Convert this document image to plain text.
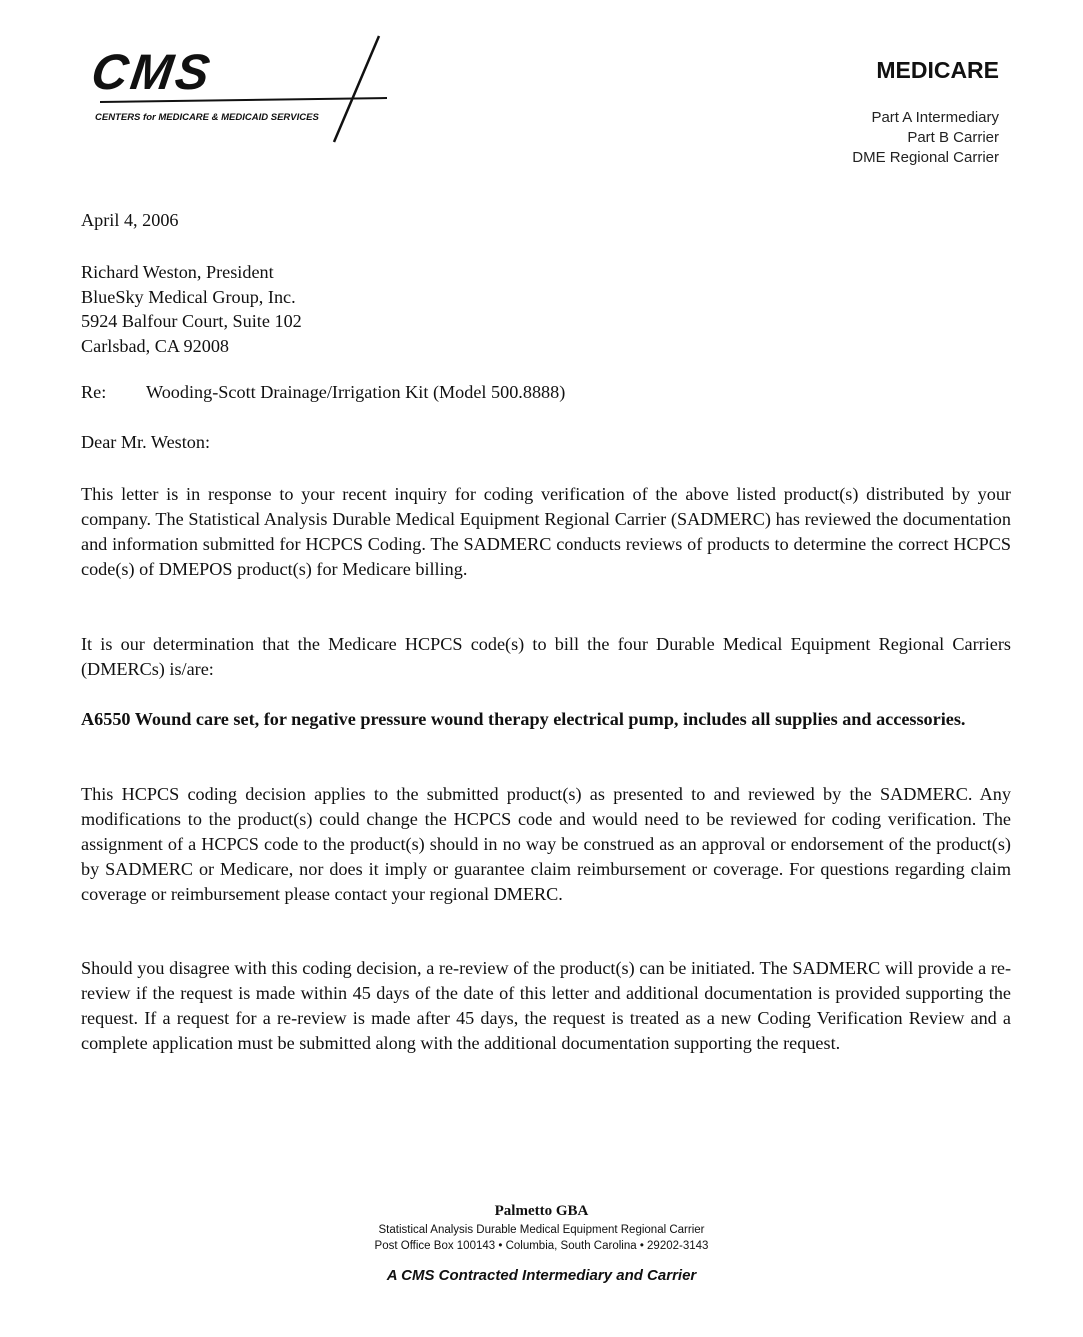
CMS
CENTERS for MEDICARE & MEDICAID SERVICES
MEDICARE
Part A Intermediary
Part B Carrier
DME Regional Carrier
April 4, 2006
Richard Weston, President
BlueSky Medical Group, Inc.
5924 Balfour Court, Suite 102
Carlsbad, CA 92008
Re: Wooding-Scott Drainage/Irrigation Kit (Model 500.8888)
Dear Mr. Weston:

This letter is in response to your recent inquiry for coding verification of the above listed product(s) distributed by your company. The Statistical Analysis Durable Medical Equipment Regional Carrier (SADMERC) has reviewed the documentation and information submitted for HCPCS Coding. The SADMERC conducts reviews of products to determine the correct HCPCS code(s) of DMEPOS product(s) for Medicare billing.

It is our determination that the Medicare HCPCS code(s) to bill the four Durable Medical Equipment Regional Carriers (DMERCs) is/are:

A6550 Wound care set, for negative pressure wound therapy electrical pump, includes all supplies and accessories.

This HCPCS coding decision applies to the submitted product(s) as presented to and reviewed by the SADMERC. Any modifications to the product(s) could change the HCPCS code and would need to be reviewed for coding verification. The assignment of a HCPCS code to the product(s) should in no way be construed as an approval or endorsement of the product(s) by SADMERC or Medicare, nor does it imply or guarantee claim reimbursement or coverage. For questions regarding claim coverage or reimbursement please contact your regional DMERC.

Should you disagree with this coding decision, a re-review of the product(s) can be initiated. The SADMERC will provide a re-review if the request is made within 45 days of the date of this letter and additional documentation is provided supporting the request. If a request for a re-review is made after 45 days, the request is treated as a new Coding Verification Review and a complete application must be submitted along with the additional documentation supporting the request.

Palmetto GBA
Statistical Analysis Durable Medical Equipment Regional Carrier
Post Office Box 100143 • Columbia, South Carolina • 29202-3143
A CMS Contracted Intermediary and Carrier
